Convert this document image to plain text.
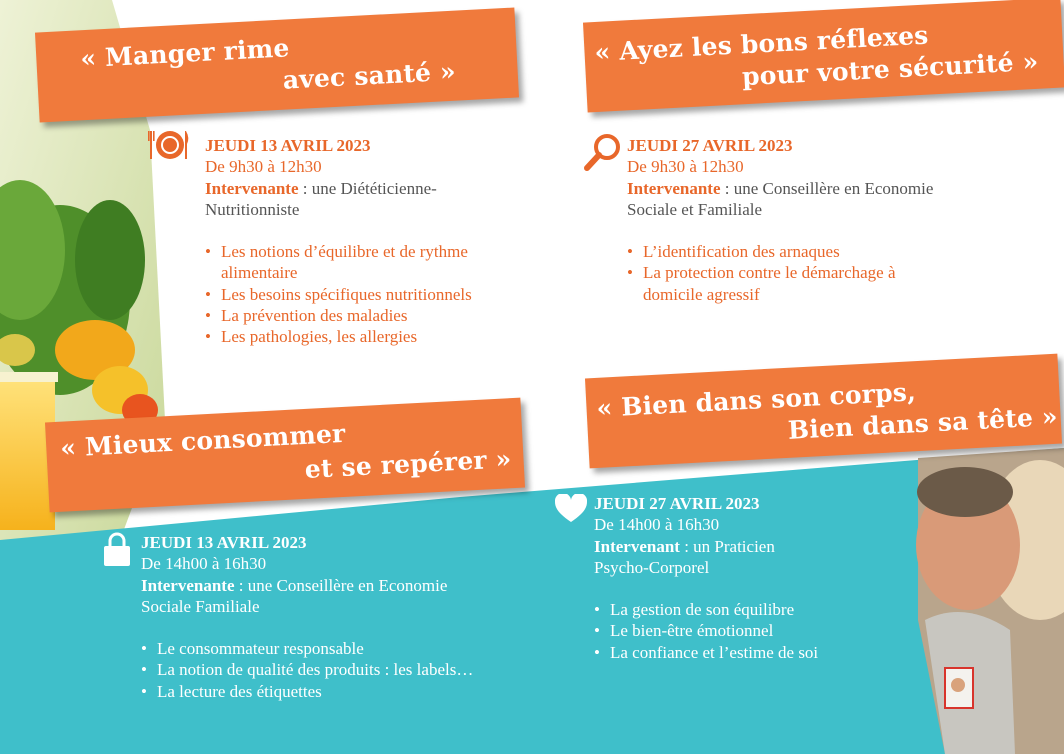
« Manger rime
avec santé »
« Ayez les bons réflexes
pour votre sécurité »
« Mieux consommer
et se repérer »
« Bien dans son corps,
Bien dans sa tête »
JEUDI 13 AVRIL 2023
De 9h30 à 12h30
Intervenante : une Diététicienne-
Nutritionniste
• Les notions d’équilibre et de rythme
alimentaire
• Les besoins spécifiques nutritionnels
• La prévention des maladies
• Les pathologies, les allergies
JEUDI 27 AVRIL 2023
De 9h30 à 12h30
Intervenante : une Conseillère en Economie
Sociale et Familiale
• L’identification des arnaques
• La protection contre le démarchage à
domicile agressif
JEUDI 13 AVRIL 2023
De 14h00 à 16h30
Intervenante : une Conseillère en Economie
Sociale Familiale
• Le consommateur responsable
• La notion de qualité des produits : les labels…
• La lecture des étiquettes
JEUDI 27 AVRIL 2023
De 14h00 à 16h30
Intervenant : un Praticien
Psycho-Corporel
• La gestion de son équilibre
• Le bien-être émotionnel
• La confiance et l’estime de soi
